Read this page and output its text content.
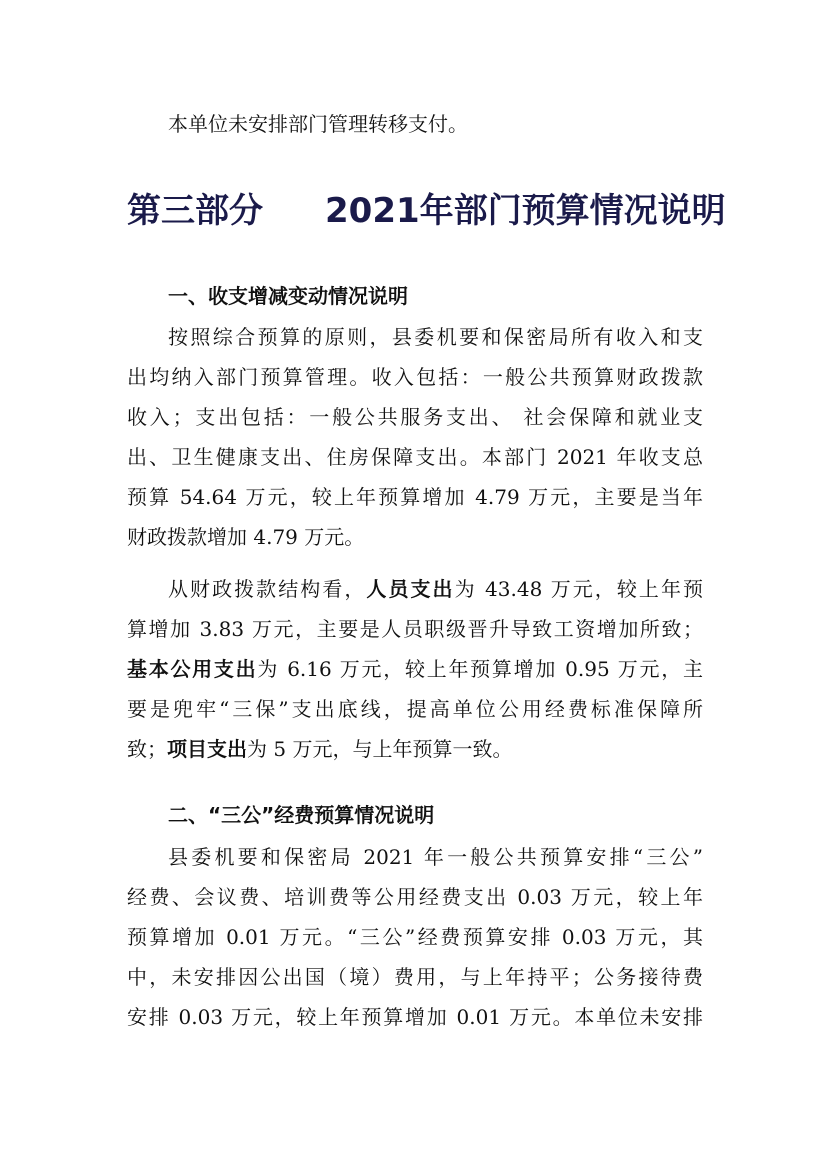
本单位未安排部门管理转移支付。
第三部分 2021年部门预算情况说明
一、收支增减变动情况说明
按照综合预算的原则，县委机要和保密局所有收入和支
出均纳入部门预算管理。收入包括：一般公共预算财政拨款
收入；支出包括：一般公共服务支出、 社会保障和就业支
出、卫生健康支出、住房保障支出。本部门 2021 年收支总
预算 54.64 万元，较上年预算增加 4.79 万元，主要是当年
财政拨款增加 4.79 万元。
从财政拨款结构看，人员支出为 43.48 万元，较上年预
算增加 3.83 万元，主要是人员职级晋升导致工资增加所致；
基本公用支出为 6.16 万元，较上年预算增加 0.95 万元，主
要是兜牢“三保”支出底线，提高单位公用经费标准保障所
致；项目支出为 5 万元，与上年预算一致。
二、“三公”经费预算情况说明
县委机要和保密局 2021 年一般公共预算安排“三公”
经费、会议费、培训费等公用经费支出 0.03 万元，较上年
预算增加 0.01 万元。“三公”经费预算安排 0.03 万元，其
中，未安排因公出国（境）费用，与上年持平；公务接待费
安排 0.03 万元，较上年预算增加 0.01 万元。本单位未安排
